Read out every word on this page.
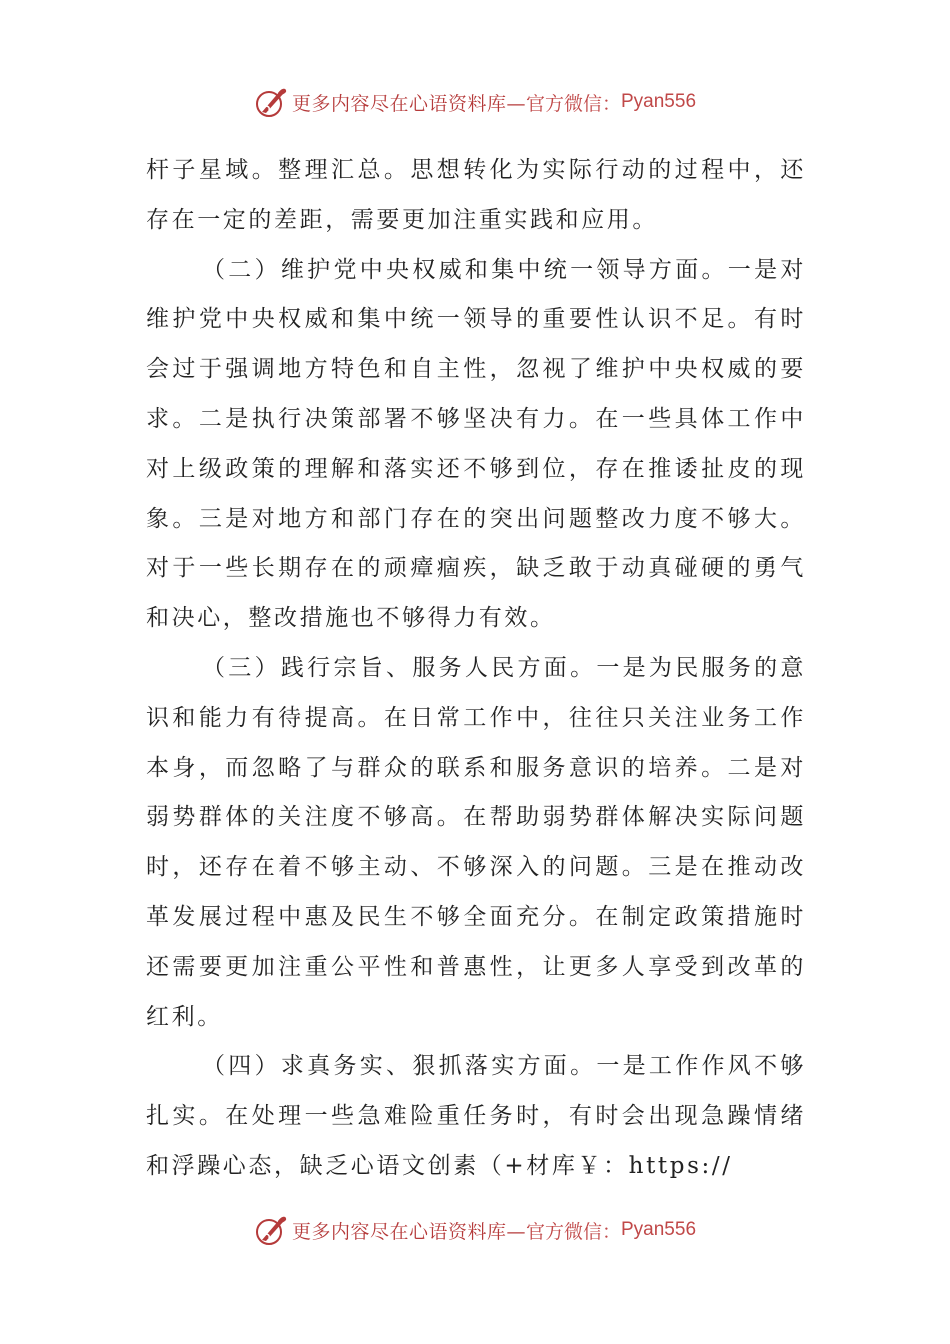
更多内容尽在心语资料库— 官方微信： Pyan556

杆子星域。整理汇总。思想转化为实际行动的过程中，还存在一定的差距，需要更加注重实践和应用。

（二）维护党中央权威和集中统一领导方面。一是对维护党中央权威和集中统一领导的重要性认识不足。有时会过于强调地方特色和自主性，忽视了维护中央权威的要求。二是执行决策部署不够坚决有力。在一些具体工作中对上级政策的理解和落实还不够到位，存在推诿扯皮的现象。三是对地方和部门存在的突出问题整改力度不够大。对于一些长期存在的顽瘴痼疾，缺乏敢于动真碰硬的勇气和决心，整改措施也不够得力有效。

（三）践行宗旨、服务人民方面。一是为民服务的意识和能力有待提高。在日常工作中，往往只关注业务工作本身，而忽略了与群众的联系和服务意识的培养。二是对弱势群体的关注度不够高。在帮助弱势群体解决实际问题时，还存在着不够主动、不够深入的问题。三是在推动改革发展过程中惠及民生不够全面充分。在制定政策措施时还需要更加注重公平性和普惠性，让更多人享受到改革的红利。

（四）求真务实、狠抓落实方面。一是工作作风不够扎实。在处理一些急难险重任务时，有时会出现急躁情绪和浮躁心态，缺乏心语文创素（+材库￥：https://

更多内容尽在心语资料库— 官方微信： Pyan556
